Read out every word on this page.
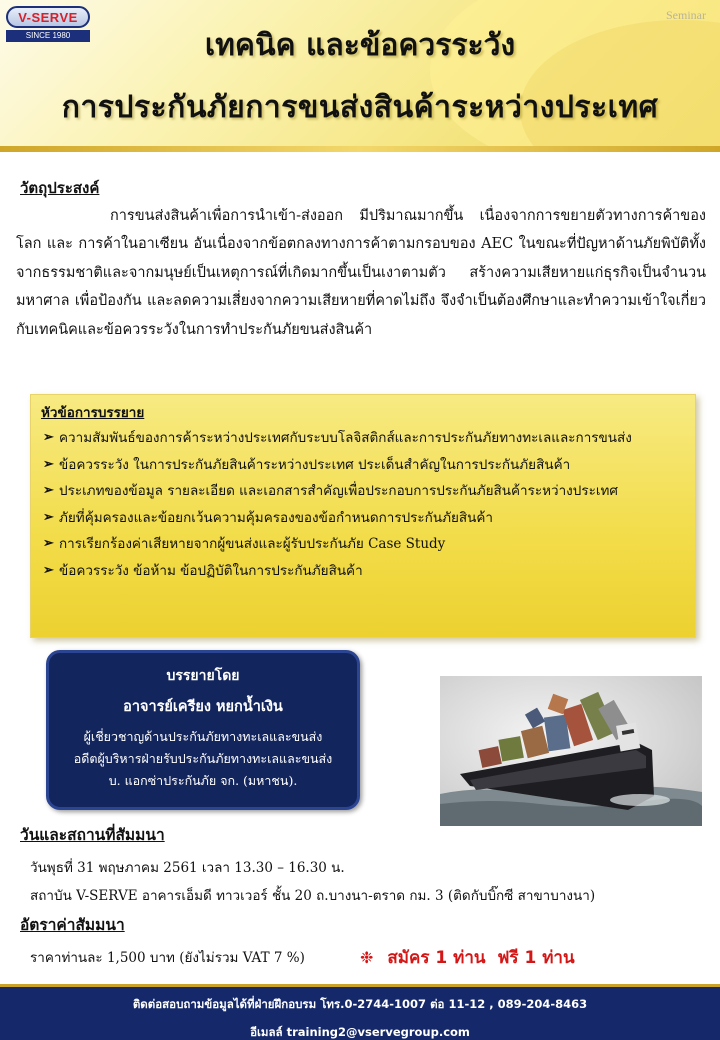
V-SERVE
SINCE 1980
Seminar
เทคนิค และข้อควรระวัง
การประกันภัยการขนส่งสินค้าระหว่างประเทศ
วัตถุประสงค์
การขนส่งสินค้าเพื่อการนำเข้า-ส่งออก มีปริมาณมากขึ้น เนื่องจากการขยายตัวทางการค้าของโลก และ การค้าในอาเซียน อันเนื่องจากข้อตกลงทางการค้าตามกรอบของ AEC ในขณะที่ปัญหาด้านภัยพิบัติทั้งจากธรรมชาติและจากมนุษย์เป็นเหตุการณ์ที่เกิดมากขึ้นเป็นเงาตามตัว สร้างความเสียหายแก่ธุรกิจเป็นจำนวนมหาศาล เพื่อป้องกัน และลดความเสี่ยงจากความเสียหายที่คาดไม่ถึง จึงจำเป็นต้องศึกษาและทำความเข้าใจเกี่ยวกับเทคนิคและข้อควรระวังในการทำประกันภัยขนส่งสินค้า
หัวข้อการบรรยาย
➢ ความสัมพันธ์ของการค้าระหว่างประเทศกับระบบโลจิสติกส์และการประกันภัยทางทะเลและการขนส่ง
➢ ข้อควรระวัง ในการประกันภัยสินค้าระหว่างประเทศ ประเด็นสำคัญในการประกันภัยสินค้า
➢ ประเภทของข้อมูล รายละเอียด และเอกสารสำคัญเพื่อประกอบการประกันภัยสินค้าระหว่างประเทศ
➢ ภัยที่คุ้มครองและข้อยกเว้นความคุ้มครองของข้อกำหนดการประกันภัยสินค้า
➢ การเรียกร้องค่าเสียหายจากผู้ขนส่งและผู้รับประกันภัย Case Study
➢ ข้อควรระวัง ข้อห้าม ข้อปฏิบัติในการประกันภัยสินค้า
บรรยายโดย
อาจารย์เครียง หยกน้ำเงิน
ผู้เชี่ยวชาญด้านประกันภัยทางทะเลและขนส่ง
อดีตผู้บริหารฝ่ายรับประกันภัยทางทะเลและขนส่ง
บ. แอกซ่าประกันภัย จก. (มหาชน).
วันและสถานที่สัมมนา
วันพุธที่ 31 พฤษภาคม 2561 เวลา 13.30 – 16.30 น.
สถาบัน V-SERVE อาคารเอ็มดี ทาวเวอร์ ชั้น 20 ถ.บางนา-ตราด กม. 3 (ติดกับบิ๊กซี สาขาบางนา)
อัตราค่าสัมมนา
ราคาท่านละ 1,500 บาท (ยังไม่รวม VAT 7 %)	❉ สมัคร 1 ท่าน  ฟรี 1 ท่าน
ติดต่อสอบถามข้อมูลได้ที่ฝ่ายฝึกอบรม โทร.0-2744-1007 ต่อ 11-12 , 089-204-8463
อีเมลล์ training2@vservegroup.com
